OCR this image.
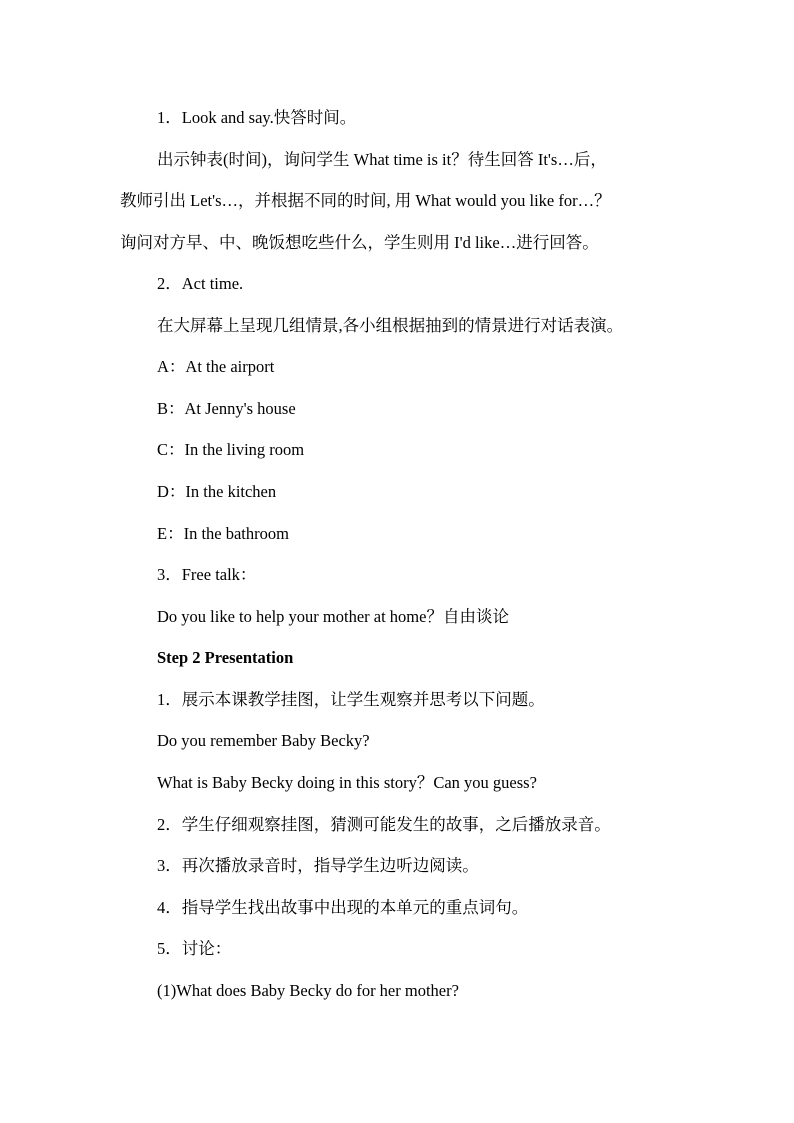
1．Look and say.快答时间。
出示钟表(时间)，询问学生 What time is it？待生回答 It's…后，
教师引出 Let's…，并根据不同的时间, 用 What would you like for…？
询问对方早、中、晚饭想吃些什么，学生则用 I'd like…进行回答。
2．Act time.
在大屏幕上呈现几组情景,各小组根据抽到的情景进行对话表演。
A：At the airport
B：At Jenny's house
C：In the living room
D：In the kitchen
E：In the bathroom
3．Free talk：
Do you like to help your mother at home？自由谈论
Step 2 Presentation
1．展示本课教学挂图，让学生观察并思考以下问题。
Do you remember Baby Becky?
What is Baby Becky doing in this story？Can you guess?
2．学生仔细观察挂图，猜测可能发生的故事，之后播放录音。
3．再次播放录音时，指导学生边听边阅读。
4．指导学生找出故事中出现的本单元的重点词句。
5．讨论：
(1)What does Baby Becky do for her mother?
